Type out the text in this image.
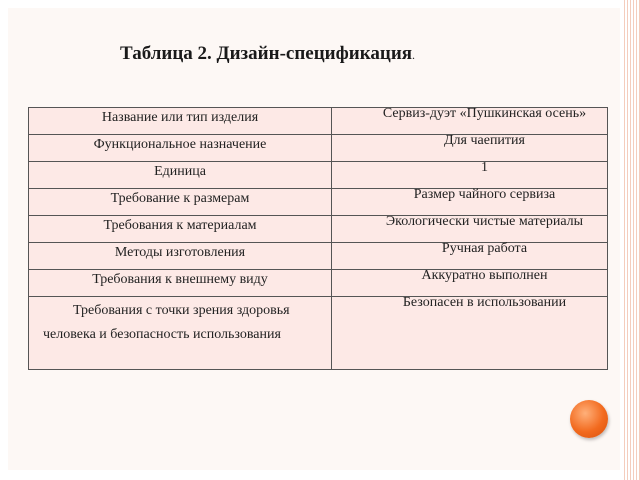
Таблица 2. Дизайн-спецификация.
Название или тип изделия	Сервиз-дуэт «Пушкинская осень»

Функциональное назначение	Для чаепития

Единица	1

Требование к размерам	Размер чайного сервиза

Требования к материалам	Экологически чистые материалы

Методы изготовления	Ручная работа

Требования к внешнему виду	Аккуратно выполнен

Требования с точки зрения здоровья человека и безопасность использования	Безопасен в использовании
